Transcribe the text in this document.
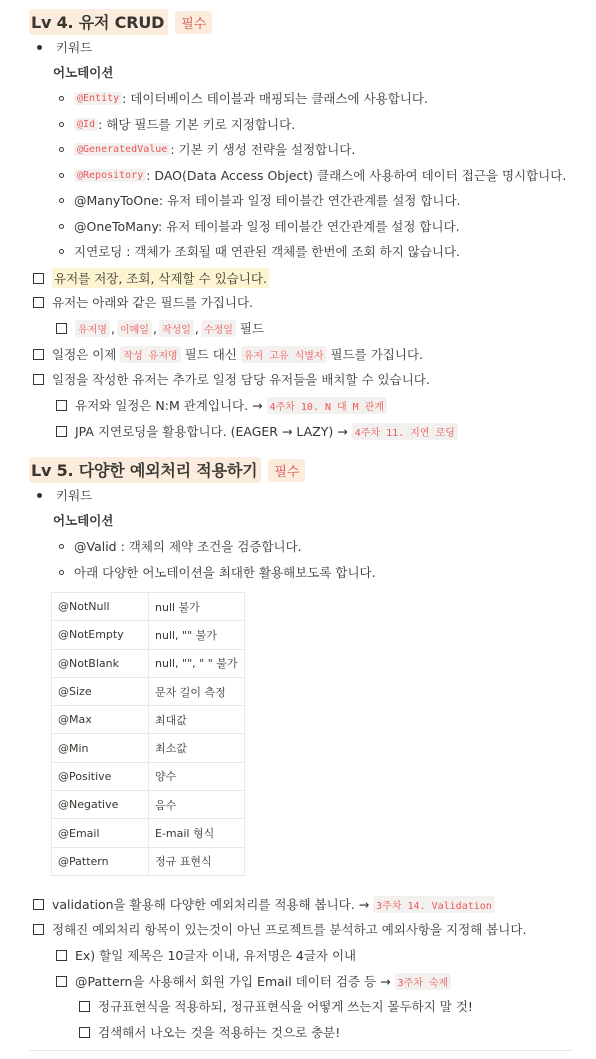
Lv 4. 유저 CRUD	필수
키워드
어노테이션
@Entity : 데이터베이스 테이블과 매핑되는 클래스에 사용합니다.
@Id : 해당 필드를 기본 키로 지정합니다.
@GeneratedValue : 기본 키 생성 전략을 설정합니다.
@Repository : DAO(Data Access Object) 클래스에 사용하여 데이터 접근을 명시합니다.
@ManyToOne: 유저 테이블과 일정 테이블간 연간관계를 설정 합니다.
@OneToMany: 유저 테이블과 일정 테이블간 연간관계를 설정 합니다.
지연로딩 : 객체가 조회될 때 연관된 객체를 한번에 조회 하지 않습니다.
유저를 저장, 조회, 삭제할 수 있습니다.
유저는 아래와 같은 필드를 가집니다.
유저명 , 이메일 , 작성일 , 수정일 필드
일정은 이제 작성 유저명 필드 대신 유저 고유 식별자 필드를 가집니다.
일정을 작성한 유저는 추가로 일정 담당 유저들을 배치할 수 있습니다.
유저와 일정은 N:M 관계입니다. → 4주차 10. N 대 M 관계
JPA 지연로딩을 활용합니다. (EAGER → LAZY) → 4주차 11. 지연 로딩
Lv 5. 다양한 예외처리 적용하기	필수
키워드
어노테이션
@Valid : 객체의 제약 조건을 검증합니다.
아래 다양한 어노테이션을 최대한 활용해보도록 합니다.
@NotNull	null 불가
@NotEmpty	null, "" 불가
@NotBlank	null, "", " " 불가
@Size	문자 길이 측정
@Max	최대값
@Min	최소값
@Positive	양수
@Negative	음수
@Email	E-mail 형식
@Pattern	정규 표현식
validation을 활용해 다양한 예외처리를 적용해 봅니다. → 3주차 14. Validation
정해진 예외처리 항목이 있는것이 아닌 프로젝트를 분석하고 예외사항을 지정해 봅니다.
Ex) 할일 제목은 10글자 이내, 유저명은 4글자 이내
@Pattern을 사용해서 회원 가입 Email 데이터 검증 등 → 3주차 숙제
정규표현식을 적용하되, 정규표현식을 어떻게 쓰는지 몰두하지 말 것!
검색해서 나오는 것을 적용하는 것으로 충분!
